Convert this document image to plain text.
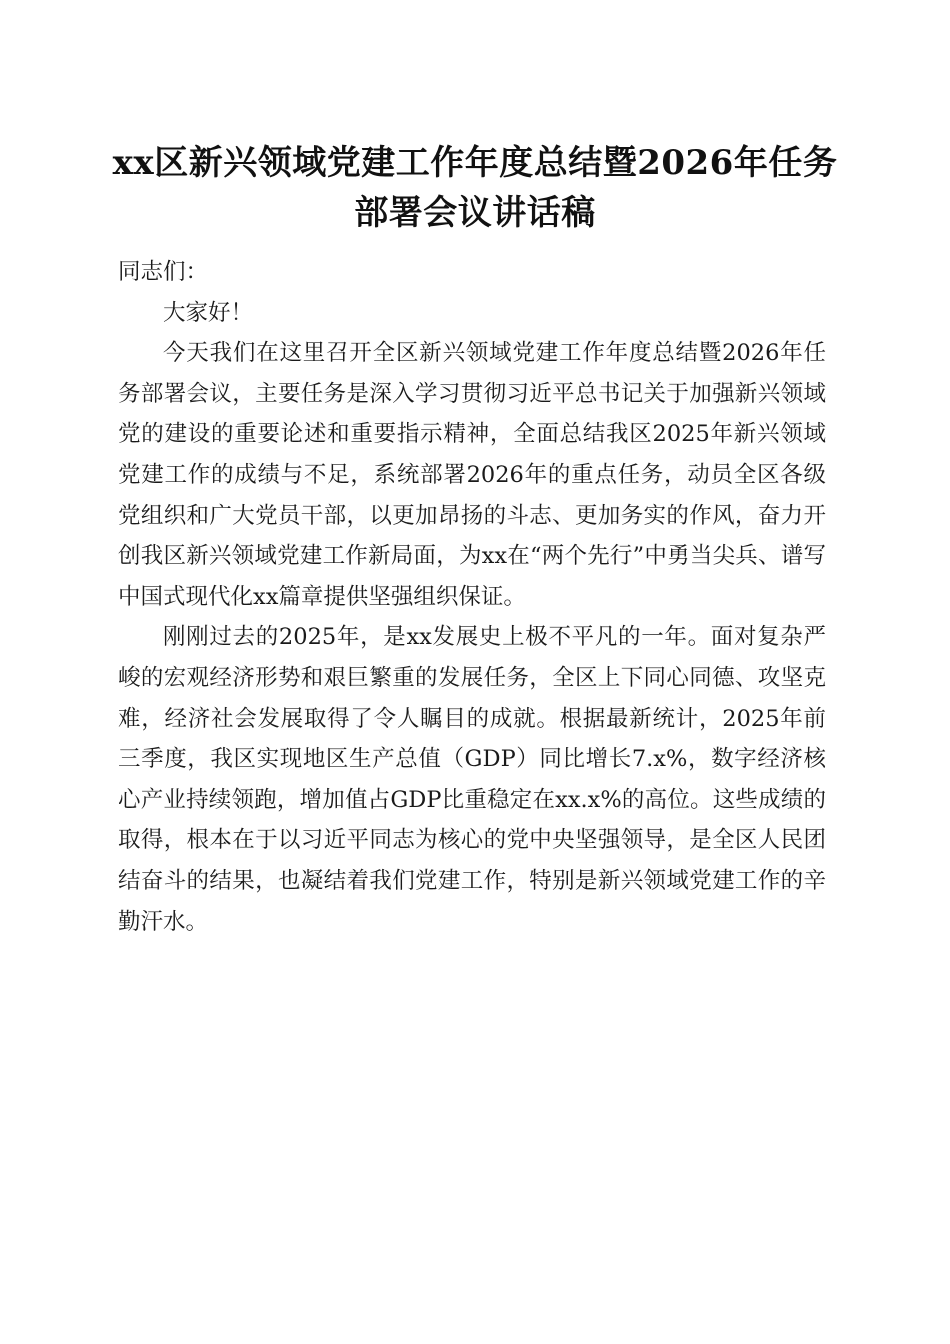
xx区新兴领域党建工作年度总结暨2026年任务部署会议讲话稿

同志们：

大家好！

今天我们在这里召开全区新兴领域党建工作年度总结暨2026年任务部署会议，主要任务是深入学习贯彻习近平总书记关于加强新兴领域党的建设的重要论述和重要指示精神，全面总结我区2025年新兴领域党建工作的成绩与不足，系统部署2026年的重点任务，动员全区各级党组织和广大党员干部，以更加昂扬的斗志、更加务实的作风，奋力开创我区新兴领域党建工作新局面，为xx在“两个先行”中勇当尖兵、谱写中国式现代化xx篇章提供坚强组织保证。

刚刚过去的2025年，是xx发展史上极不平凡的一年。面对复杂严峻的宏观经济形势和艰巨繁重的发展任务，全区上下同心同德、攻坚克难，经济社会发展取得了令人瞩目的成就。根据最新统计，2025年前三季度，我区实现地区生产总值（GDP）同比增长7.x%，数字经济核心产业持续领跑，增加值占GDP比重稳定在xx.x%的高位。这些成绩的取得，根本在于以习近平同志为核心的党中央坚强领导，是全区人民团结奋斗的结果，也凝结着我们党建工作，特别是新兴领域党建工作的辛勤汗水。
